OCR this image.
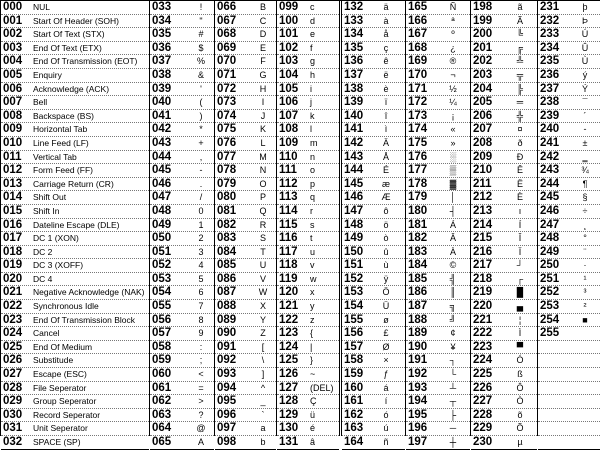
000 NUL
001 Start Of Header (SOH)
002 Start Of Text (STX)
003 End Of Text (ETX)
004 End Of Transmission (EOT)
005 Enquiry
006 Acknowledge (ACK)
007 Bell
008 Backspace (BS)
009 Horizontal Tab
010 Line Feed (LF)
011 Vertical Tab
012 Form Feed (FF)
013 Carriage Return (CR)
014 Shift Out
015 Shift In
016 Dateline Escape (DLE)
017 DC 1 (XON)
018 DC 2
019 DC 3 (XOFF)
020 DC 4
021 Negative Acknowledge (NAK)
022 Synchronous Idle
023 End Of Transmission Block
024 Cancel
025 End Of Medium
026 Substitude
027 Escape (ESC)
028 File Seperator
029 Group Seperator
030 Record Seperator
031 Unit Seperator
032 SPACE (SP)
033	!
034	"
035	#
036	$
037	%
038	&
039	'
040	(
041	)
042	*
043	+
044	,
045	-
046	.
047	/
048	0
049	1
050	2
051	3
052	4
053	5
054	6
055	7
056	8
057	9
058	:
059	;
060	<
061	=
062	>
063	?
064	@
065	A
066	B
067	C
068	D
069	E
070	F
071	G
072	H
073	I
074	J
075	K
076	L
077	M
078	N
079	O
080	P
081	Q
082	R
083	S
084	T
085	U
086	V
087	W
088	X
089	Y
090	Z
091	[
092	\
093	]
094	^
095	_
096	`
097	a
098	b
099 c
100 d
101 e
102 f
103 g
104 h
105 i
106 j
107 k
108 l
109 m
110 n
111 o
112 p
113 q
114 r
115 s
116 t
117 u
118 v
119 w
120 x
121 y
122 z
123 {
124 |
125 }
126 ~
127 (DEL)
128 Ç
129 ü
130 é
131 â
132	ä
133	à
134	å
135	ç
136	ê
137	ë
138	è
139	ï
140	î
141	ì
142	Ä
143	Å
144	É
145	æ
146 Æ
147	ô
148	ö
149	ò
150	û
151	ù
152	ÿ
153	Ö
154	Ü
155	ø
156	£
157	Ø
158	×
159	ƒ
160	á
161	í
162	ó
163	ú
164	ñ
165	Ñ
166	ª
167	º
168	¿
169	®
170	¬
171	½
172	¼
173	¡
174	«
175	»
176	░
177	▒
178	▓
179	│
180	┤
181	Á
182	Â
183	À
184	©
185	╣
186	║
187	╗
188	╝
189	¢
190	¥
191	┐
192	└
193	┴
194	┬
195	├
196	─
197	┼
198	ã
199	Ã
200	╚
201	╔
202	╩
203	╦
204	╠
205	═
206	╬
207	¤
208	ð
209	Ð
210	Ê
211	Ë
212	È
213	ı
214	Í
215	Î
216	Ï
217	┘
218	┌
219	█
220	▄
221	¦
222	Ì
223	▀
224	Ó
225	ß
226	Ô
227	Ò
228	õ
229	Õ
230	µ
231	þ
232	Þ
233	Ú
234	Û
235	Ù
236	ý
237	Ý
238	¯
239	´
240	-
241	±
242	‗
243	¾
244	¶
245	§
246	÷
247	¸
248	°
249	¨
250	·
251	¹
252	³
253	²
254	■
255
